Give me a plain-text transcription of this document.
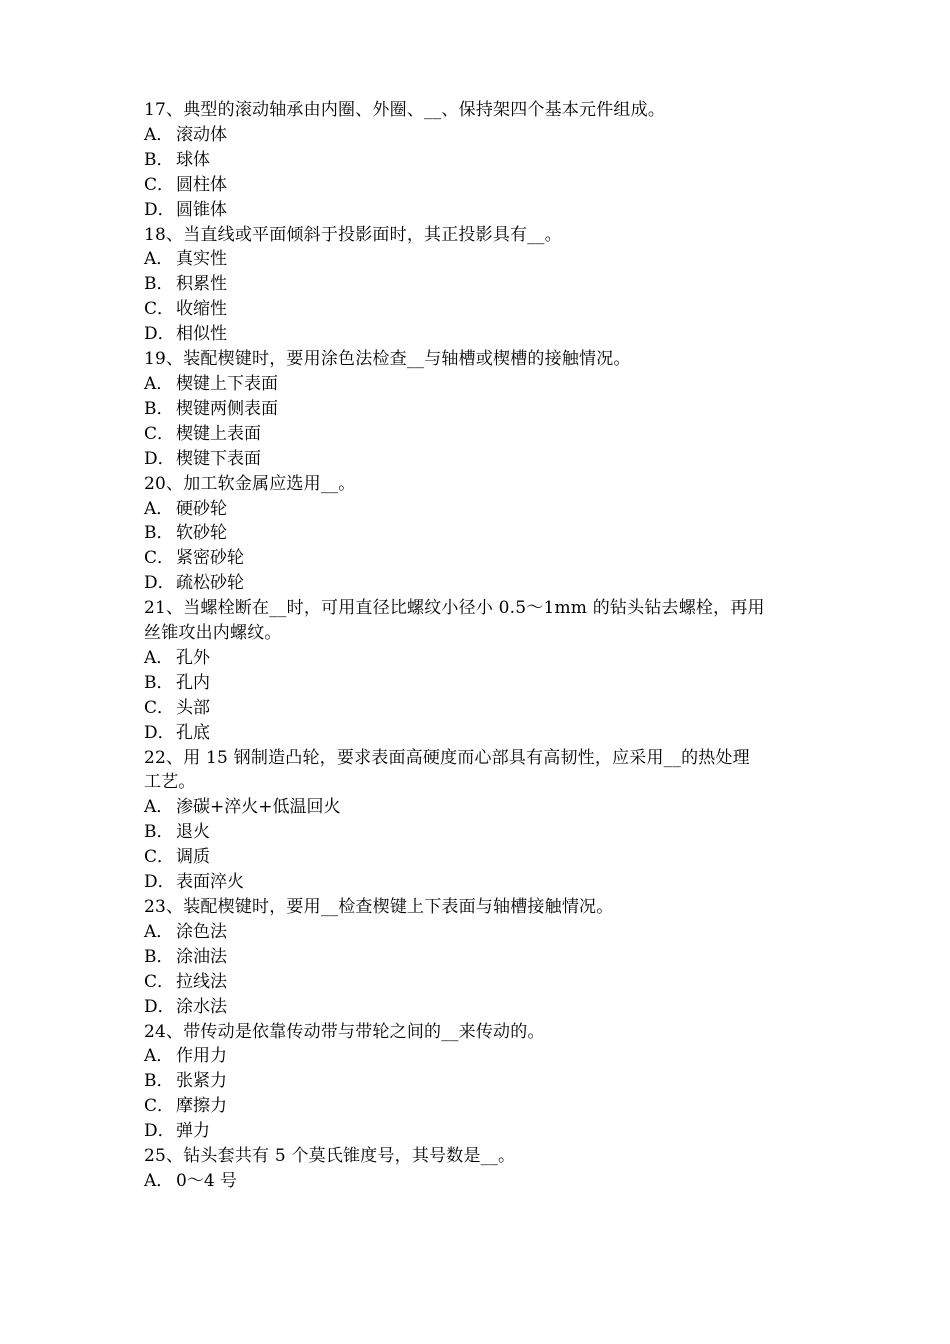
17、典型的滚动轴承由内圈、外圈、__、保持架四个基本元件组成。
A． 滚动体
B． 球体
C． 圆柱体
D．圆锥体
18、当直线或平面倾斜于投影面时，其正投影具有__。
A． 真实性
B． 积累性
C． 收缩性
D．相似性
19、装配楔键时，要用涂色法检查__与轴槽或楔槽的接触情况。
A． 楔键上下表面
B． 楔键两侧表面
C． 楔键上表面
D．楔键下表面
20、加工软金属应选用__。
A． 硬砂轮
B． 软砂轮
C． 紧密砂轮
D．疏松砂轮
21、当螺栓断在__时，可用直径比螺纹小径小 0.5～1mm 的钻头钻去螺栓，再用
丝锥攻出内螺纹。
A． 孔外
B． 孔内
C． 头部
D．孔底
22、用 15 钢制造凸轮，要求表面高硬度而心部具有高韧性，应采用__的热处理
工艺。
A． 渗碳+淬火+低温回火
B． 退火
C． 调质
D．表面淬火
23、装配楔键时，要用__检查楔键上下表面与轴槽接触情况。
A． 涂色法
B． 涂油法
C． 拉线法
D．涂水法
24、带传动是依靠传动带与带轮之间的__来传动的。
A． 作用力
B． 张紧力
C． 摩擦力
D．弹力
25、钻头套共有 5 个莫氏锥度号，其号数是__。
A． 0～4 号
